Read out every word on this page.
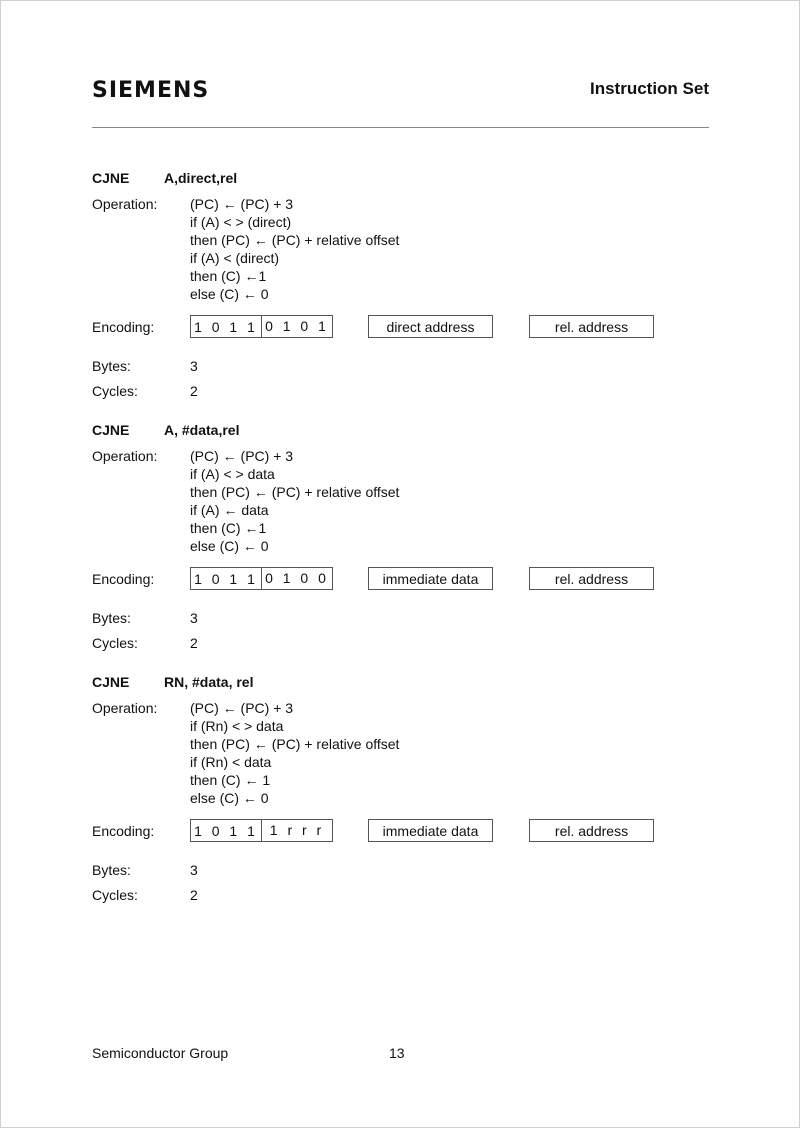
SIEMENS	Instruction Set
CJNE A,direct,rel
Operation: (PC) ← (PC) + 3
if (A) < > (direct)
then (PC) ← (PC) + relative offset
if (A) < (direct)
then (C) ←1
else (C) ← 0
Encoding:	1 0 1 1 0 1 0 1	direct address	rel. address
Bytes:	3
Cycles:	2
CJNE A, #data,rel
Operation: (PC) ← (PC) + 3
if (A) < > data
then (PC) ← (PC) + relative offset
if (A) ← data
then (C) ←1
else (C) ← 0
Encoding:	1 0 1 1 0 1 0 0	immediate data	rel. address
Bytes:	3
Cycles:	2
CJNE RN, #data, rel
Operation: (PC) ← (PC) + 3
if (Rn) < > data
then (PC) ← (PC) + relative offset
if (Rn) < data
then (C) ← 1
else (C) ← 0
Encoding:	1 0 1 1 1 r r r	immediate data	rel. address
Bytes:	3
Cycles:	2
Semiconductor Group	13
